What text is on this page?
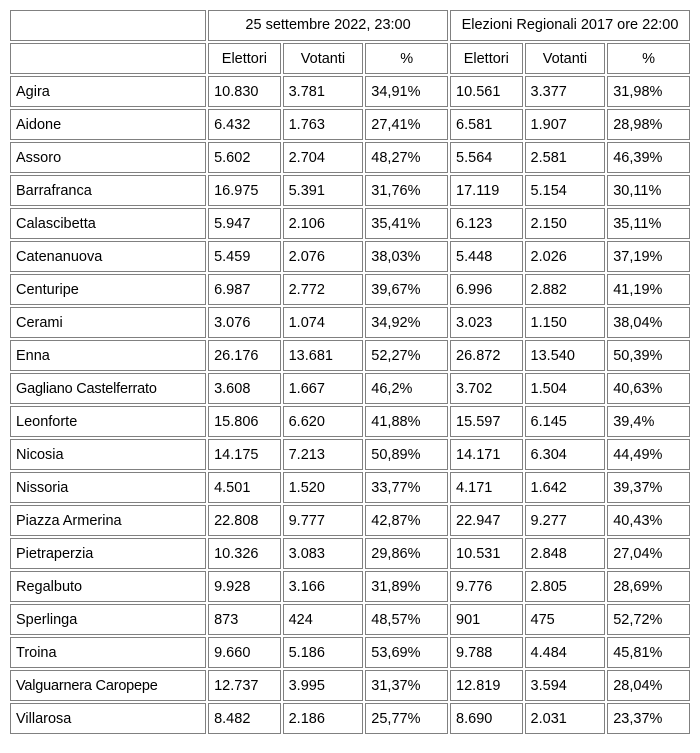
	25 settembre 2022, 23:00			Elezioni Regionali 2017 ore 22:00		
	Elettori	Votanti	%	Elettori	Votanti	%
Agira	10.830	3.781	34,91%	10.561	3.377	31,98%
Aidone	6.432	1.763	27,41%	6.581	1.907	28,98%
Assoro	5.602	2.704	48,27%	5.564	2.581	46,39%
Barrafranca	16.975	5.391	31,76%	17.119	5.154	30,11%
Calascibetta	5.947	2.106	35,41%	6.123	2.150	35,11%
Catenanuova	5.459	2.076	38,03%	5.448	2.026	37,19%
Centuripe	6.987	2.772	39,67%	6.996	2.882	41,19%
Cerami	3.076	1.074	34,92%	3.023	1.150	38,04%
Enna	26.176	13.681	52,27%	26.872	13.540	50,39%
Gagliano Castelferrato	3.608	1.667	46,2%	3.702	1.504	40,63%
Leonforte	15.806	6.620	41,88%	15.597	6.145	39,4%
Nicosia	14.175	7.213	50,89%	14.171	6.304	44,49%
Nissoria	4.501	1.520	33,77%	4.171	1.642	39,37%
Piazza Armerina	22.808	9.777	42,87%	22.947	9.277	40,43%
Pietraperzia	10.326	3.083	29,86%	10.531	2.848	27,04%
Regalbuto	9.928	3.166	31,89%	9.776	2.805	28,69%
Sperlinga	873	424	48,57%	901	475	52,72%
Troina	9.660	5.186	53,69%	9.788	4.484	45,81%
Valguarnera Caropepe	12.737	3.995	31,37%	12.819	3.594	28,04%
Villarosa	8.482	2.186	25,77%	8.690	2.031	23,37%
